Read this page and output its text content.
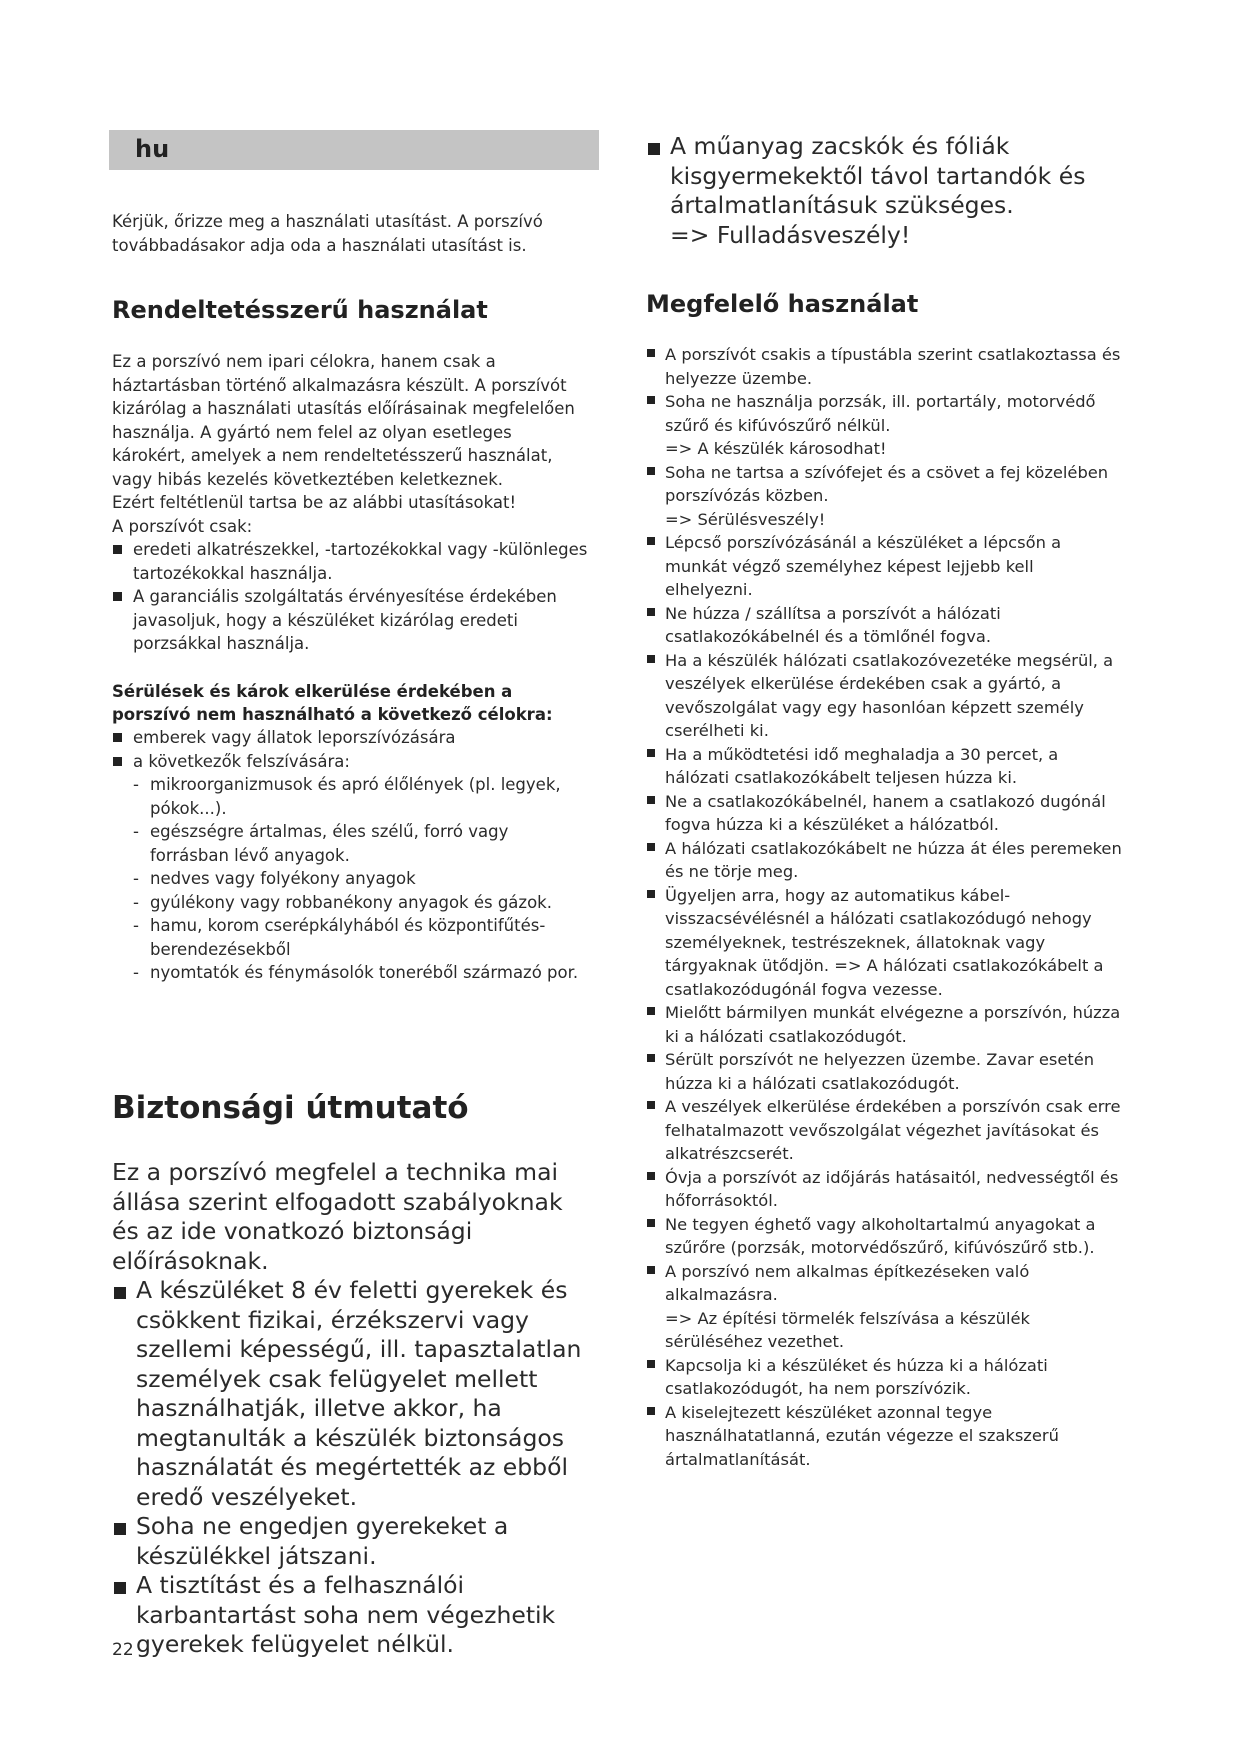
hu

Kérjük, őrizze meg a használati utasítást. A porszívó továbbadásakor adja oda a használati utasítást is.

Rendeltetésszerű használat

Ez a porszívó nem ipari célokra, hanem csak a háztartásban történő alkalmazásra készült. A porszívót kizárólag a használati utasítás előírásainak megfelelően használja. A gyártó nem felel az olyan esetleges károkért, amelyek a nem rendeltetésszerű használat, vagy hibás kezelés következtében keletkeznek.

Ezért feltétlenül tartsa be az alábbi utasításokat!

A porszívót csak:

eredeti alkatrészekkel, -tartozékokkal vagy -különleges tartozékokkal használja.
A garanciális szolgáltatás érvényesítése érdekében javasoljuk, hogy a készüléket kizárólag eredeti porzsákkal használja.
Sérülések és károk elkerülése érdekében a porszívó nem használható a következő célokra:
emberek vagy állatok leporszívózására
a következők felszívására:
- mikroorganizmusok és apró élőlények (pl. legyek, pókok...).
- egészségre ártalmas, éles szélű, forró vagy forrásban lévő anyagok.
- nedves vagy folyékony anyagok
- gyúlékony vagy robbanékony anyagok és gázok.
- hamu, korom cserépkályhából és központifűtés-berendezésekből
- nyomtatók és fénymásolók toneréből származó por.
Biztonsági útmutató

Ez a porszívó megfelel a technika mai állása szerint elfogadott szabályoknak és az ide vonatkozó biztonsági előírásoknak.

A készüléket 8 év feletti gyerekek és csökkent fizikai, érzékszervi vagy szellemi képességű, ill. tapasztalatlan személyek csak felügyelet mellett használhatják, illetve akkor, ha megtanulták a készülék biztonságos használatát és megértették az ebből eredő veszélyeket.
Soha ne engedjen gyerekeket a készülékkel játszani.
A tisztítást és a felhasználói karbantartást soha nem végezhetik gyerekek felügyelet nélkül.
A műanyag zacskók és fóliák kisgyermekektől távol tartandók és ártalmatlanításuk szükséges.
=> Fulladásveszély!
Megfelelő használat
A porszívót csakis a típustábla szerint csatlakoztassa és helyezze üzembe.
Soha ne használja porzsák, ill. portartály, motorvédő szűrő és kifúvószűrő nélkül.
=> A készülék károsodhat!
Soha ne tartsa a szívófejet és a csövet a fej közelében porszívózás közben.
=> Sérülésveszély!
Lépcső porszívózásánál a készüléket a lépcsőn a munkát végző személyhez képest lejjebb kell elhelyezni.
Ne húzza / szállítsa a porszívót a hálózati csatlakozókábelnél és a tömlőnél fogva.
Ha a készülék hálózati csatlakozóvezetéke megsérül, a veszélyek elkerülése érdekében csak a gyártó, a vevőszolgálat vagy egy hasonlóan képzett személy cserélheti ki.
Ha a működtetési idő meghaladja a 30 percet, a hálózati csatlakozókábelt teljesen húzza ki.
Ne a csatlakozókábelnél, hanem a csatlakozó dugónál fogva húzza ki a készüléket a hálózatból.
A hálózati csatlakozókábelt ne húzza át éles peremeken és ne törje meg.
Ügyeljen arra, hogy az automatikus kábel-visszacsévélésnél a hálózati csatlakozódugó nehogy személyeknek, testrészeknek, állatoknak vagy tárgyaknak ütődjön. => A hálózati csatlakozókábelt a csatlakozódugónál fogva vezesse.
Mielőtt bármilyen munkát elvégezne a porszívón, húzza ki a hálózati csatlakozódugót.
Sérült porszívót ne helyezzen üzembe. Zavar esetén húzza ki a hálózati csatlakozódugót.
A veszélyek elkerülése érdekében a porszívón csak erre felhatalmazott vevőszolgálat végezhet javításokat és alkatrészcserét.
Óvja a porszívót az időjárás hatásaitól, nedvességtől és hőforrásoktól.
Ne tegyen éghető vagy alkoholtartalmú anyagokat a szűrőre (porzsák, motorvédőszűrő, kifúvószűrő stb.).
A porszívó nem alkalmas építkezéseken való alkalmazásra.
=> Az építési törmelék felszívása a készülék sérüléséhez vezethet.
Kapcsolja ki a készüléket és húzza ki a hálózati csatlakozódugót, ha nem porszívózik.
A kiselejtezett készüléket azonnal tegye használhatatlanná, ezután végezze el szakszerű ártalmatlanítását.
22
